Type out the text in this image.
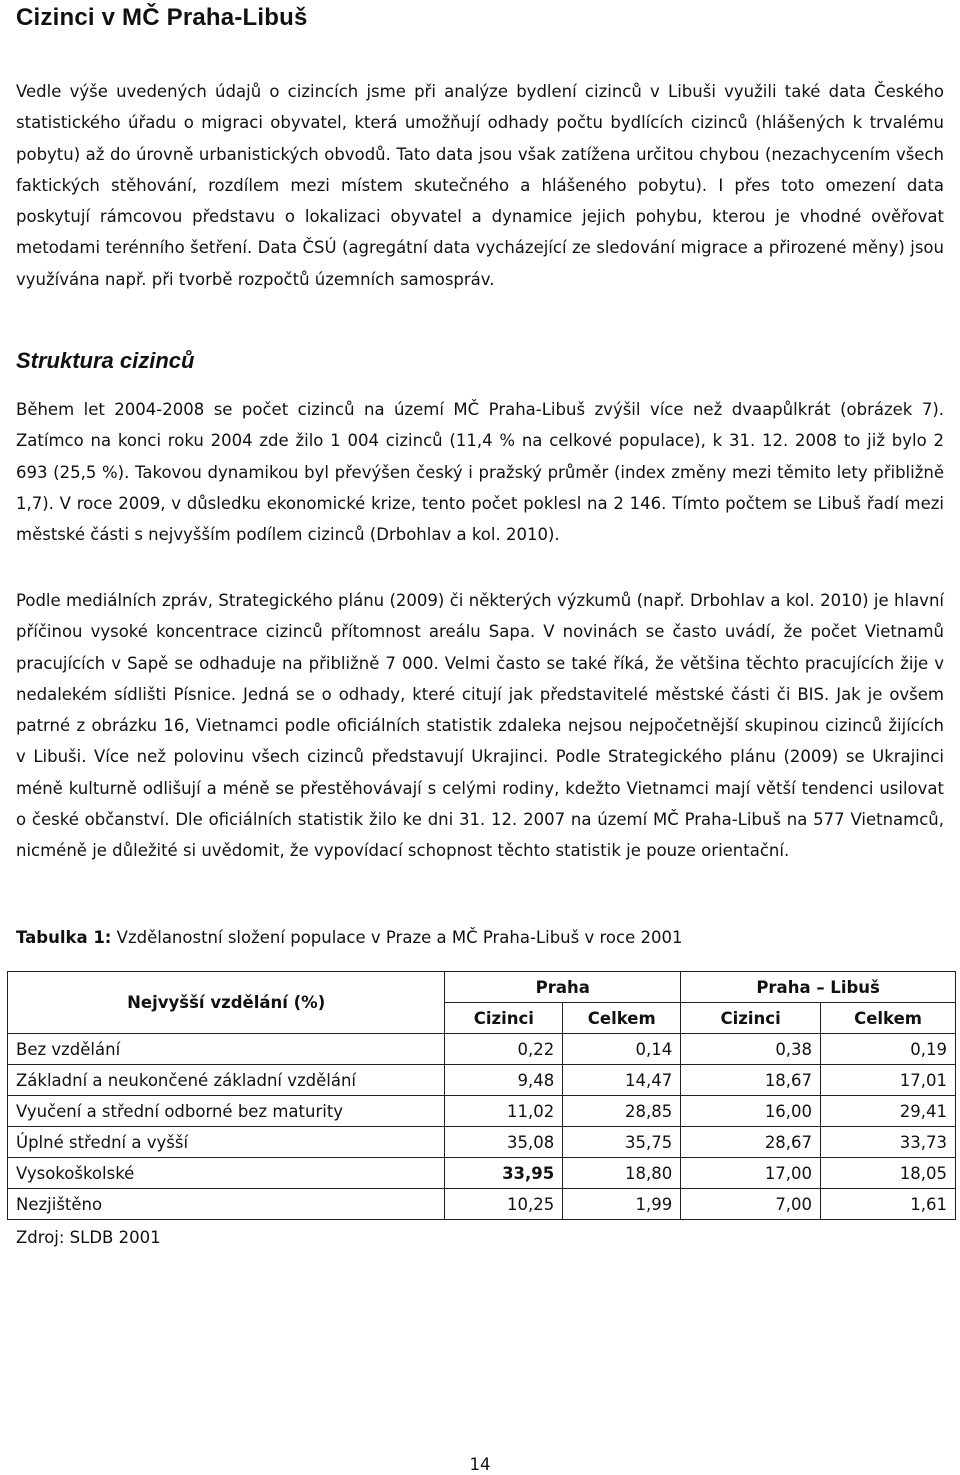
Cizinci v MČ Praha-Libuš

Vedle výše uvedených údajů o cizincích jsme při analýze bydlení cizinců v Libuši využili také data Českého statistického úřadu o migraci obyvatel, která umožňují odhady počtu bydlících cizinců (hlášených k trvalému pobytu) až do úrovně urbanistických obvodů. Tato data jsou však zatížena určitou chybou (nezachycením všech faktických stěhování, rozdílem mezi místem skutečného a hlášeného pobytu). I přes toto omezení data poskytují rámcovou představu o lokalizaci obyvatel a dynamice jejich pohybu, kterou je vhodné ověřovat metodami terénního šetření. Data ČSÚ (agregátní data vycházející ze sledování migrace a přirozené měny) jsou využívána např. při tvorbě rozpočtů územních samospráv.

Struktura cizinců

Během let 2004-2008 se počet cizinců na území MČ Praha-Libuš zvýšil více než dvaapůlkrát (obrázek 7). Zatímco na konci roku 2004 zde žilo 1 004 cizinců (11,4 % na celkové populace), k 31. 12. 2008 to již bylo 2 693 (25,5 %). Takovou dynamikou byl převýšen český i pražský průměr (index změny mezi těmito lety přibližně 1,7). V roce 2009, v důsledku ekonomické krize, tento počet poklesl na 2 146. Tímto počtem se Libuš řadí mezi městské části s nejvyšším podílem cizinců (Drbohlav a kol. 2010).

Podle mediálních zpráv, Strategického plánu (2009) či některých výzkumů (např. Drbohlav a kol. 2010) je hlavní příčinou vysoké koncentrace cizinců přítomnost areálu Sapa. V novinách se často uvádí, že počet Vietnamů pracujících v Sapě se odhaduje na přibližně 7 000. Velmi často se také říká, že většina těchto pracujících žije v nedalekém sídlišti Písnice. Jedná se o odhady, které citují jak představitelé městské části či BIS. Jak je ovšem patrné z obrázku 16, Vietnamci podle oficiálních statistik zdaleka nejsou nejpočetnější skupinou cizinců žijících v Libuši. Více než polovinu všech cizinců představují Ukrajinci. Podle Strategického plánu (2009) se Ukrajinci méně kulturně odlišují a méně se přestěhovávají s celými rodiny, kdežto Vietnamci mají větší tendenci usilovat o české občanství. Dle oficiálních statistik žilo ke dni 31. 12. 2007 na území MČ Praha-Libuš na 577 Vietnamců, nicméně je důležité si uvědomit, že vypovídací schopnost těchto statistik je pouze orientační.

Tabulka 1: Vzdělanostní složení populace v Praze a MČ Praha-Libuš v roce 2001

Nejvyšší vzdělání (%)	Praha		Praha – Libuš	
	Cizinci	Celkem	Cizinci	Celkem
Bez vzdělání	0,22	0,14	0,38	0,19
Základní a neukončené základní vzdělání	9,48	14,47	18,67	17,01
Vyučení a střední odborné bez maturity	11,02	28,85	16,00	29,41
Úplné střední a vyšší	35,08	35,75	28,67	33,73
Vysokoškolské	33,95	18,80	17,00	18,05
Nezjištěno	10,25	1,99	7,00	1,61

Zdroj: SLDB 2001

14
